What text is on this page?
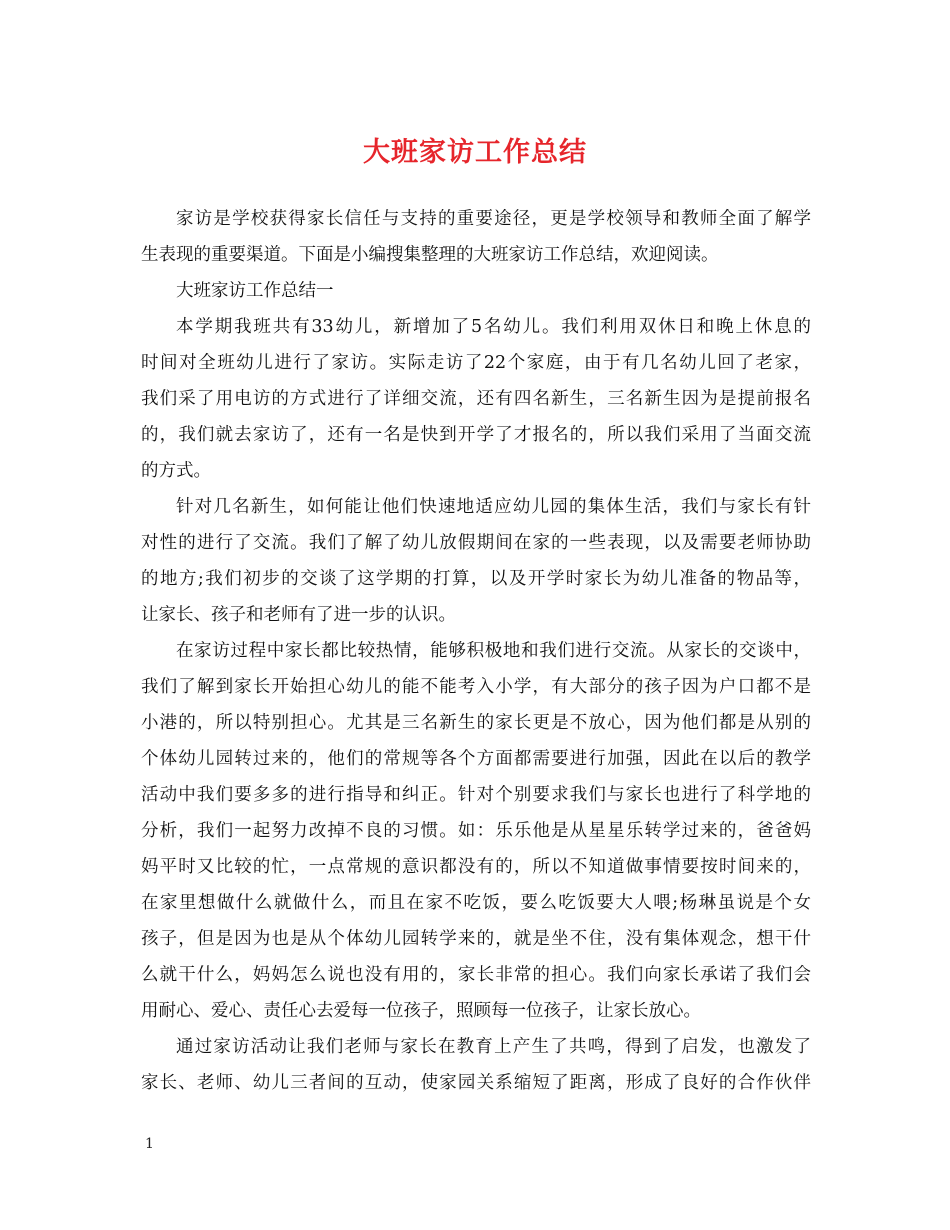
大班家访工作总结
家访是学校获得家长信任与支持的重要途径，更是学校领导和教师全面了解学
生表现的重要渠道。下面是小编搜集整理的大班家访工作总结，欢迎阅读。
大班家访工作总结一
本学期我班共有33幼儿，新增加了5名幼儿。我们利用双休日和晚上休息的
时间对全班幼儿进行了家访。实际走访了22个家庭，由于有几名幼儿回了老家，
我们采了用电访的方式进行了详细交流，还有四名新生，三名新生因为是提前报名
的，我们就去家访了，还有一名是快到开学了才报名的，所以我们采用了当面交流
的方式。
针对几名新生，如何能让他们快速地适应幼儿园的集体生活，我们与家长有针
对性的进行了交流。我们了解了幼儿放假期间在家的一些表现，以及需要老师协助
的地方;我们初步的交谈了这学期的打算，以及开学时家长为幼儿准备的物品等，
让家长、孩子和老师有了进一步的认识。
在家访过程中家长都比较热情，能够积极地和我们进行交流。从家长的交谈中，
我们了解到家长开始担心幼儿的能不能考入小学，有大部分的孩子因为户口都不是
小港的，所以特别担心。尤其是三名新生的家长更是不放心，因为他们都是从别的
个体幼儿园转过来的，他们的常规等各个方面都需要进行加强，因此在以后的教学
活动中我们要多多的进行指导和纠正。针对个别要求我们与家长也进行了科学地的
分析，我们一起努力改掉不良的习惯。如：乐乐他是从星星乐转学过来的，爸爸妈
妈平时又比较的忙，一点常规的意识都没有的，所以不知道做事情要按时间来的，
在家里想做什么就做什么，而且在家不吃饭，要么吃饭要大人喂;杨琳虽说是个女
孩子，但是因为也是从个体幼儿园转学来的，就是坐不住，没有集体观念，想干什
么就干什么，妈妈怎么说也没有用的，家长非常的担心。我们向家长承诺了我们会
用耐心、爱心、责任心去爱每一位孩子，照顾每一位孩子，让家长放心。
通过家访活动让我们老师与家长在教育上产生了共鸣，得到了启发，也激发了
家长、老师、幼儿三者间的互动，使家园关系缩短了距离，形成了良好的合作伙伴
1
